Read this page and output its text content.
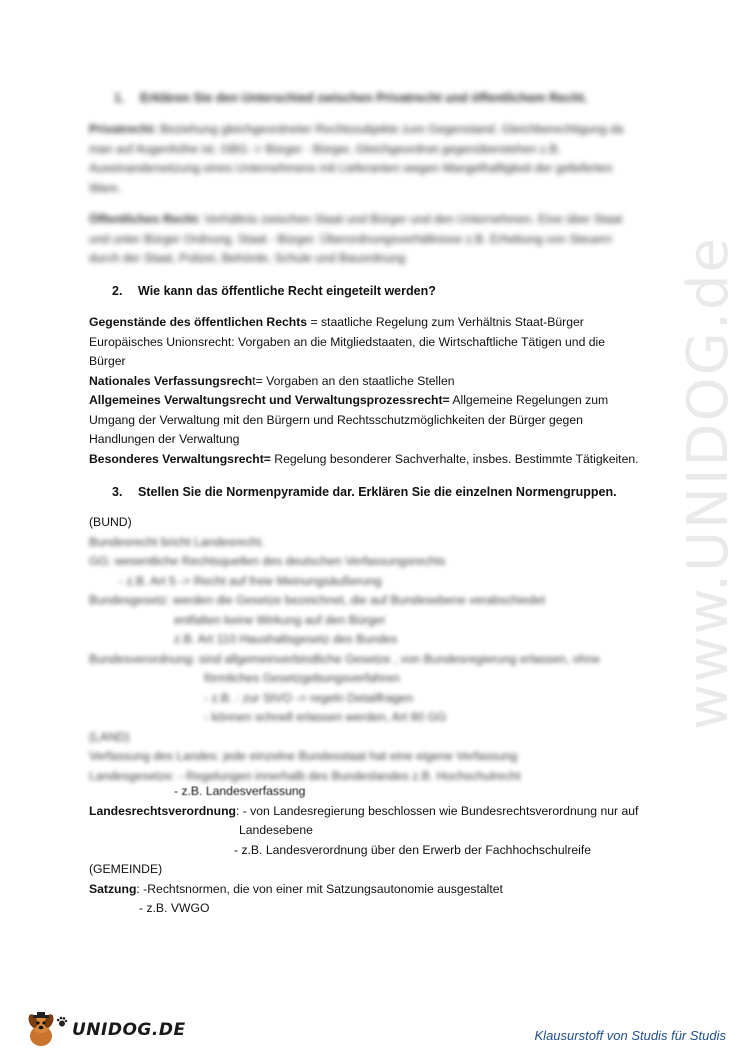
www.UNIDOG.de
1. Erklären Sie den Unterschied zwischen Privatrecht und öffentlichem Recht.
Privatrecht: Beziehung gleichgeordneter Rechtssubjekte zum Gegenstand. Gleichberechtigung da
man auf Augenhöhe ist. GBG -> Bürger - Bürger, Gleichgeordnet gegenüberstehen z.B.
Auseinandersetzung eines Unternehmens mit Lieferanten wegen Mangelhaftigkeit der gelieferten
Ware.
Öffentliches Recht: Verhältnis zwischen Staat und Bürger und den Unternehmen. Eine über Staat
und unter Bürger Ordnung. Staat - Bürger. Überordnungsverhältnisse z.B. Erhebung von Steuern
durch der Staat, Polizei, Behörde, Schule und Bauordnung
2. Wie kann das öffentliche Recht eingeteilt werden?
Gegenstände des öffentlichen Rechts = staatliche Regelung zum Verhältnis Staat-Bürger
Europäisches Unionsrecht: Vorgaben an die Mitgliedstaaten, die Wirtschaftliche Tätigen und die
Bürger
Nationales Verfassungsrecht= Vorgaben an den staatliche Stellen
Allgemeines Verwaltungsrecht und Verwaltungsprozessrecht= Allgemeine Regelungen zum
Umgang der Verwaltung mit den Bürgern und Rechtsschutzmöglichkeiten der Bürger gegen
Handlungen der Verwaltung
Besonderes Verwaltungsrecht= Regelung besonderer Sachverhalte, insbes. Bestimmte Tätigkeiten.
3. Stellen Sie die Normenpyramide dar. Erklären Sie die einzelnen Normengruppen.
(BUND)
Bundesrecht bricht Landesrecht.
GG: wesentliche Rechtsquellen des deutschen Verfassungsrechts
- z.B. Art 5 -> Recht auf freie Meinungsäußerung
Bundesgesetz: werden die Gesetze bezeichnet, die auf Bundesebene verabschiedet
entfalten keine Wirkung auf den Bürger
z.B. Art 110 Haushaltsgesetz des Bundes
Bundesverordnung: sind allgemeinverbindliche Gesetze , von Bundesregierung erlassen, ohne
förmliches Gesetzgebungsverfahren
- z.B. : zur StVO -> regeln Detailfragen
- können schnell erlassen werden, Art 80 GG
(LAND)
Verfassung des Landes: jede einzelne Bundesstaat hat eine eigene Verfassung
Landesgesetze: - Regelungen innerhalb des Bundeslandes z.B. Hochschulrecht
- z.B. Landesverfassung
Landesrechtsverordnung: - von Landesregierung beschlossen wie Bundesrechtsverordnung nur auf
Landesebene
- z.B. Landesverordnung über den Erwerb der Fachhochschulreife
(GEMEINDE)
Satzung: -Rechtsnormen, die von einer mit Satzungsautonomie ausgestaltet
- z.B. VWGO
UNIDOG.DE	Klausurstoff von Studis für Studis
